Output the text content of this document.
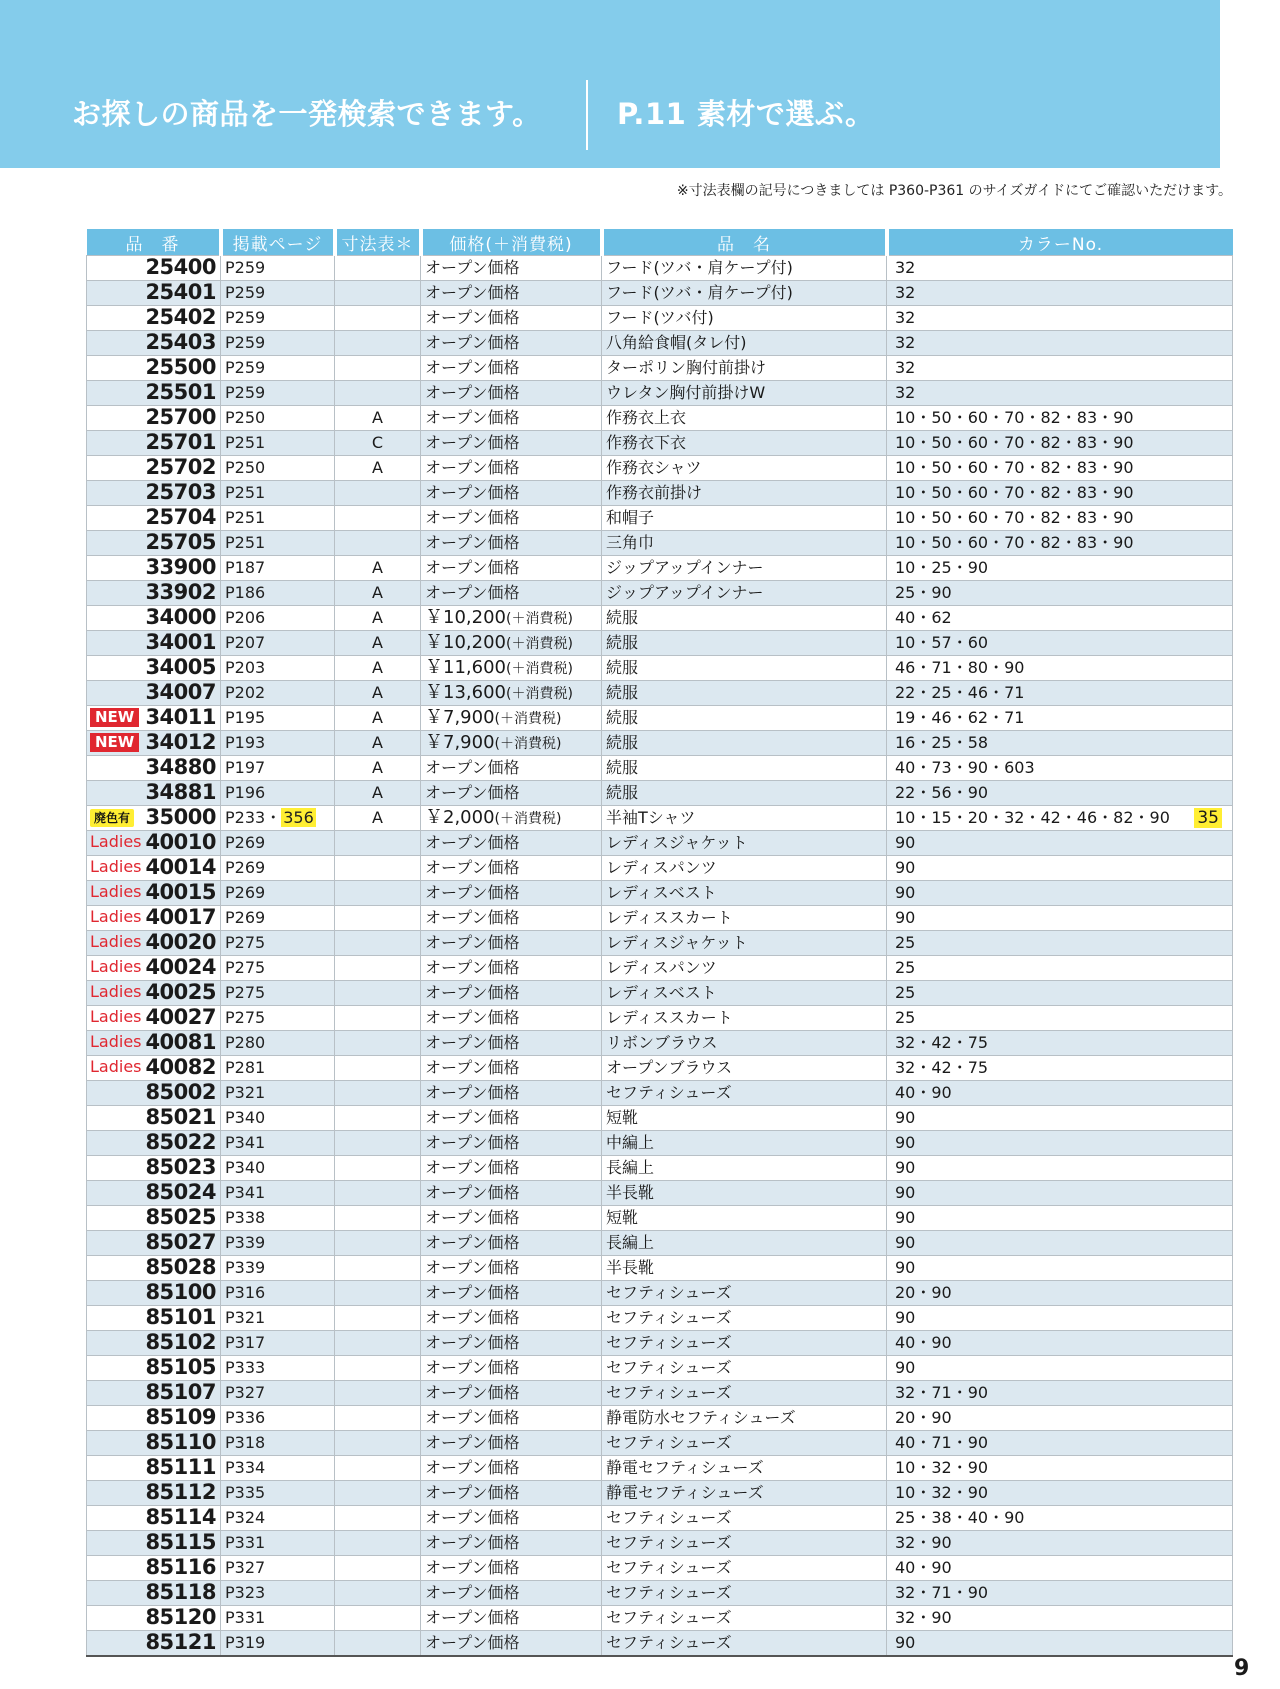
お探しの商品を一発検索できます。	P.11 素材で選ぶ。
※寸法表欄の記号につきましては P360-P361 のサイズガイドにてご確認いただけます。
品　番	掲載ページ	寸法表＊	価格(＋消費税)	品　名	カラーNo.
25400	P259		オープン価格	フード(ツバ・肩ケープ付)	32
25401	P259		オープン価格	フード(ツバ・肩ケープ付)	32
25402	P259		オープン価格	フード(ツバ付)	32
25403	P259		オープン価格	八角給食帽(タレ付)	32
25500	P259		オープン価格	ターポリン胸付前掛け	32
25501	P259		オープン価格	ウレタン胸付前掛けW	32
25700	P250	A	オープン価格	作務衣上衣	10・50・60・70・82・83・90
25701	P251	C	オープン価格	作務衣下衣	10・50・60・70・82・83・90
25702	P250	A	オープン価格	作務衣シャツ	10・50・60・70・82・83・90
25703	P251		オープン価格	作務衣前掛け	10・50・60・70・82・83・90
25704	P251		オープン価格	和帽子	10・50・60・70・82・83・90
25705	P251		オープン価格	三角巾	10・50・60・70・82・83・90
33900	P187	A	オープン価格	ジップアップインナー	10・25・90
33902	P186	A	オープン価格	ジップアップインナー	25・90
34000	P206	A	￥10,200(＋消費税)	続服	40・62
34001	P207	A	￥10,200(＋消費税)	続服	10・57・60
34005	P203	A	￥11,600(＋消費税)	続服	46・71・80・90
34007	P202	A	￥13,600(＋消費税)	続服	22・25・46・71

NEW 34011	P195	A	￥7,900(＋消費税)	続服	19・46・62・71

NEW 34012	P193	A	￥7,900(＋消費税)	続服	16・25・58
34880	P197	A	オープン価格	続服	40・73・90・603
34881	P196	A	オープン価格	続服	22・56・90

廃色有 35000	P233・ 356	A	￥2,000(＋消費税)	半袖Tシャツ	10・15・20・32・42・46・82・90 35

Ladies 40010	P269		オープン価格	レディスジャケット	90

Ladies 40014	P269		オープン価格	レディスパンツ	90

Ladies 40015	P269		オープン価格	レディスベスト	90

Ladies 40017	P269		オープン価格	レディススカート	90

Ladies 40020	P275		オープン価格	レディスジャケット	25

Ladies 40024	P275		オープン価格	レディスパンツ	25

Ladies 40025	P275		オープン価格	レディスベスト	25

Ladies 40027	P275		オープン価格	レディススカート	25

Ladies 40081	P280		オープン価格	リボンブラウス	32・42・75

Ladies 40082	P281		オープン価格	オープンブラウス	32・42・75
85002	P321		オープン価格	セフティシューズ	40・90
85021	P340		オープン価格	短靴	90
85022	P341		オープン価格	中編上	90
85023	P340		オープン価格	長編上	90
85024	P341		オープン価格	半長靴	90
85025	P338		オープン価格	短靴	90
85027	P339		オープン価格	長編上	90
85028	P339		オープン価格	半長靴	90
85100	P316		オープン価格	セフティシューズ	20・90
85101	P321		オープン価格	セフティシューズ	90
85102	P317		オープン価格	セフティシューズ	40・90
85105	P333		オープン価格	セフティシューズ	90
85107	P327		オープン価格	セフティシューズ	32・71・90
85109	P336		オープン価格	静電防水セフティシューズ	20・90
85110	P318		オープン価格	セフティシューズ	40・71・90
85111	P334		オープン価格	静電セフティシューズ	10・32・90
85112	P335		オープン価格	静電セフティシューズ	10・32・90
85114	P324		オープン価格	セフティシューズ	25・38・40・90
85115	P331		オープン価格	セフティシューズ	32・90
85116	P327		オープン価格	セフティシューズ	40・90
85118	P323		オープン価格	セフティシューズ	32・71・90
85120	P331		オープン価格	セフティシューズ	32・90
85121	P319		オープン価格	セフティシューズ	90
9
